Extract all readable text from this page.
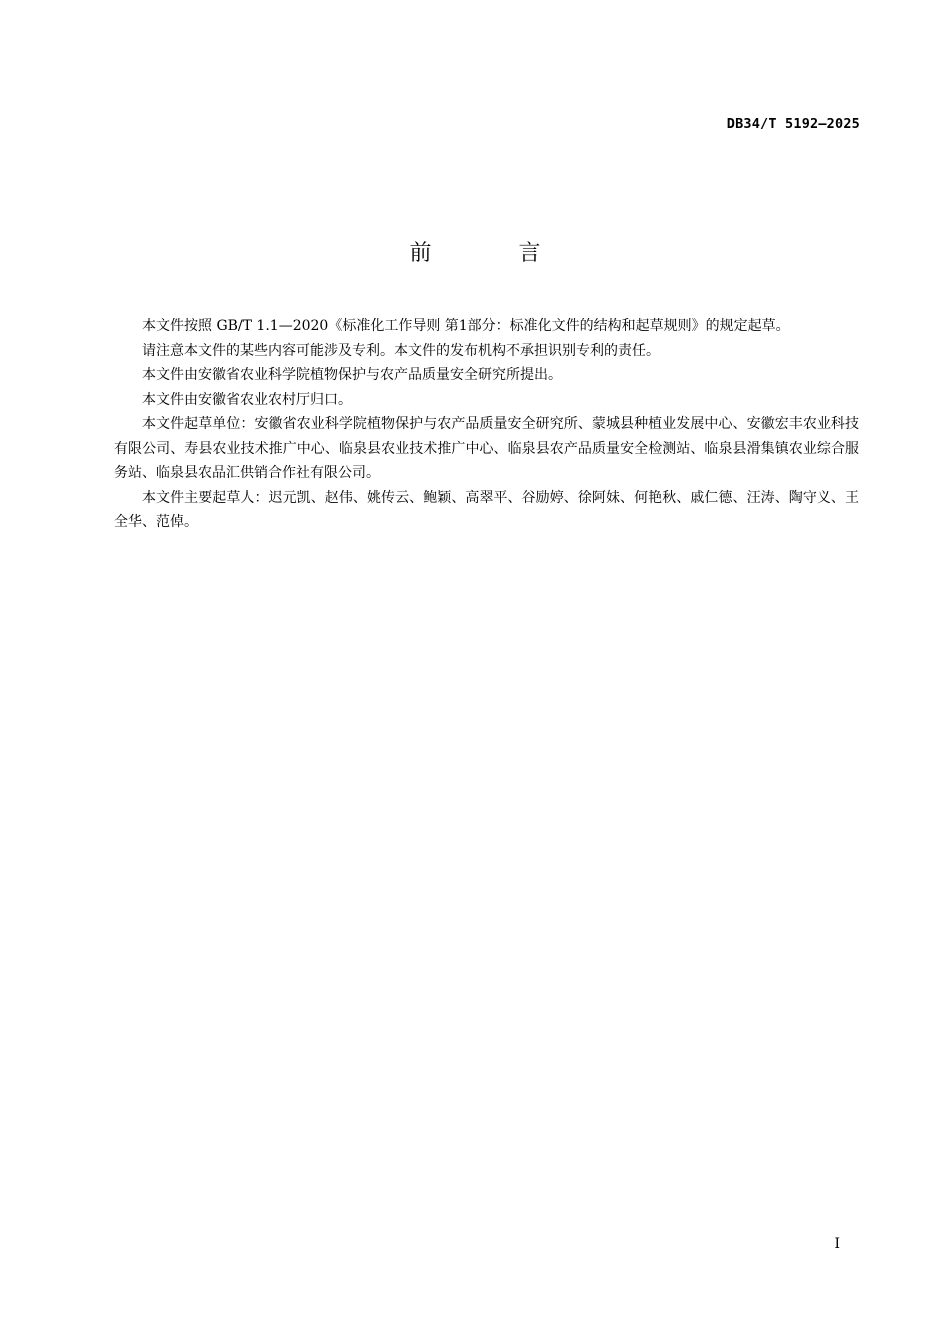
DB34/T 5192—2025
前 言

本文件按照 GB/T 1.1—2020《标准化工作导则 第1部分：标准化文件的结构和起草规则》的规定起草。

请注意本文件的某些内容可能涉及专利。本文件的发布机构不承担识别专利的责任。

本文件由安徽省农业科学院植物保护与农产品质量安全研究所提出。

本文件由安徽省农业农村厅归口。

本文件起草单位：安徽省农业科学院植物保护与农产品质量安全研究所、蒙城县种植业发展中心、安徽宏丰农业科技有限公司、寿县农业技术推广中心、临泉县农业技术推广中心、临泉县农产品质量安全检测站、临泉县滑集镇农业综合服务站、临泉县农品汇供销合作社有限公司。

本文件主要起草人：迟元凯、赵伟、姚传云、鲍颖、高翠平、谷励婷、徐阿妹、何艳秋、戚仁德、汪涛、陶守义、王全华、范倬。

I
